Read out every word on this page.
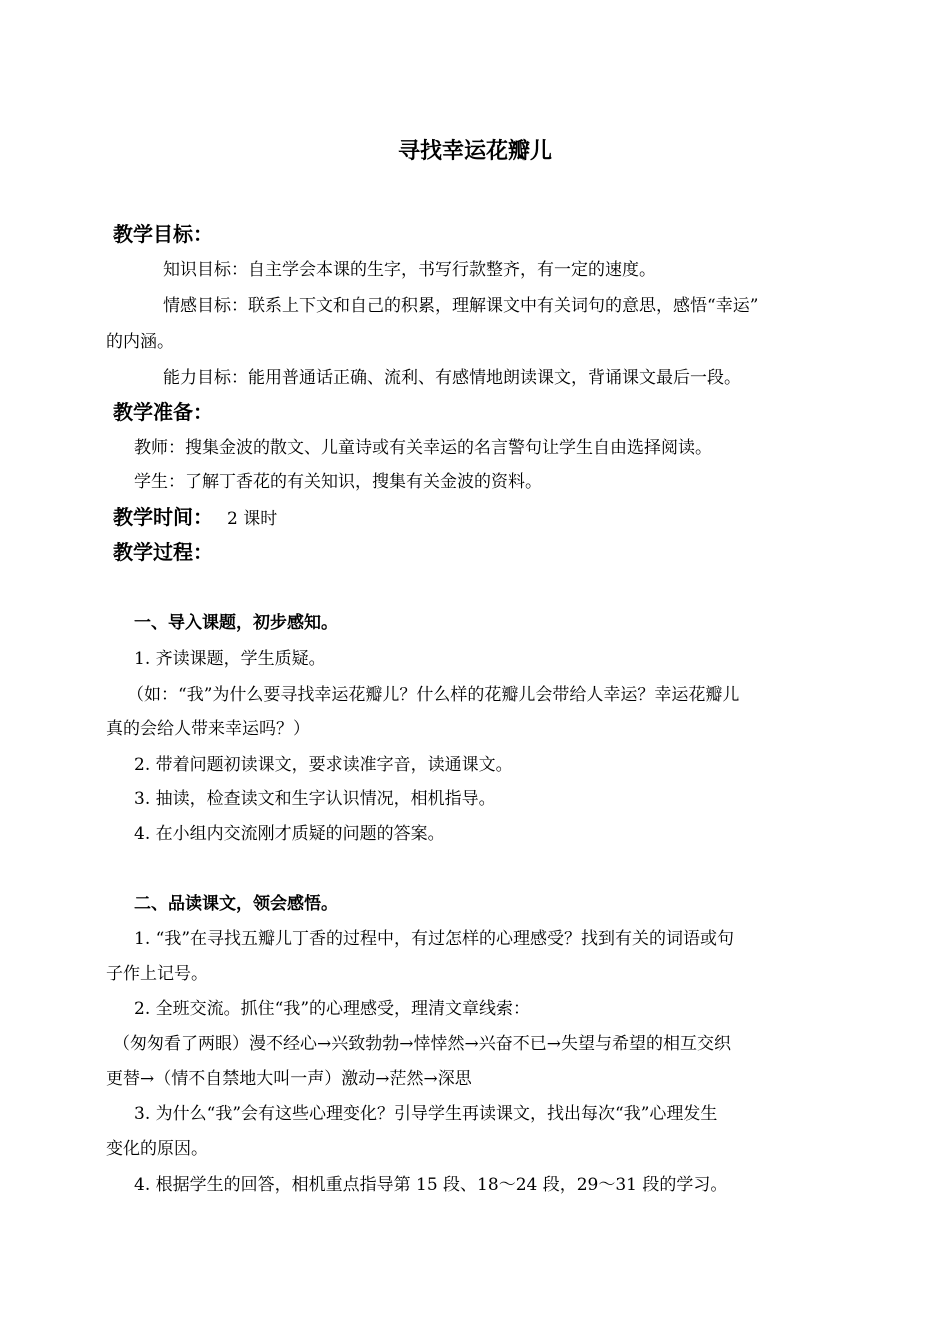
寻找幸运花瓣儿
教学目标：
知识目标：自主学会本课的生字，书写行款整齐，有一定的速度。
情感目标：联系上下文和自己的积累，理解课文中有关词句的意思，感悟“幸运”
的内涵。
能力目标：能用普通话正确、流利、有感情地朗读课文，背诵课文最后一段。
教学准备：
教师：搜集金波的散文、儿童诗或有关幸运的名言警句让学生自由选择阅读。
学生：了解丁香花的有关知识，搜集有关金波的资料。
教学时间： 2 课时
教学过程：
一、导入课题，初步感知。
1. 齐读课题，学生质疑。
（如：“我”为什么要寻找幸运花瓣儿？什么样的花瓣儿会带给人幸运？幸运花瓣儿
真的会给人带来幸运吗？）
2. 带着问题初读课文，要求读准字音，读通课文。
3. 抽读，检查读文和生字认识情况，相机指导。
4. 在小组内交流刚才质疑的问题的答案。
二、品读课文，领会感悟。
1. “我”在寻找五瓣儿丁香的过程中，有过怎样的心理感受？找到有关的词语或句
子作上记号。
2. 全班交流。抓住“我”的心理感受，理清文章线索：
（匆匆看了两眼）漫不经心→兴致勃勃→悻悻然→兴奋不已→失望与希望的相互交织
更替→（情不自禁地大叫一声）激动→茫然→深思
3. 为什么“我”会有这些心理变化？引导学生再读课文，找出每次“我”心理发生
变化的原因。
4. 根据学生的回答，相机重点指导第 15 段、18～24 段，29～31 段的学习。
